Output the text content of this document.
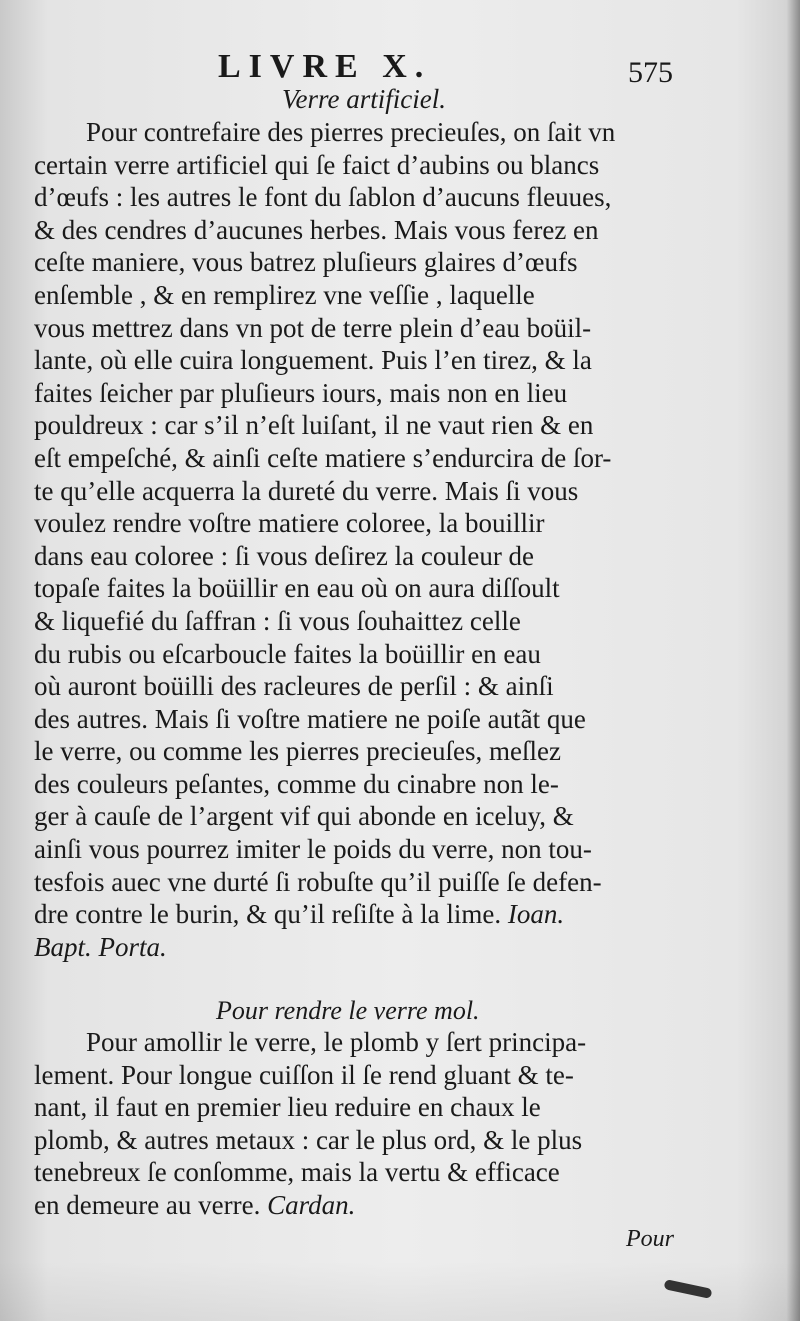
LIVRE X.	575
Verre artificiel.

Pour contrefaire des pierres precieuſes, on ſait vn
certain verre artificiel qui ſe faict d’aubins ou blancs
d’œufs : les autres le font du ſablon d’aucuns fleuues,
& des cendres d’aucunes herbes. Mais vous ferez en
ceſte maniere, vous batrez pluſieurs glaires d’œufs
enſemble , & en remplirez vne veſſie , laquelle
vous mettrez dans vn pot de terre plein d’eau boüil-
lante, où elle cuira longuement. Puis l’en tirez, & la
faites ſeicher par pluſieurs iours, mais non en lieu
pouldreux : car s’il n’eſt luiſant, il ne vaut rien & en
eſt empeſché, & ainſi ceſte matiere s’endurcira de ſor-
te qu’elle acquerra la dureté du verre. Mais ſi vous
voulez rendre voſtre matiere coloree, la bouillir
dans eau coloree : ſi vous deſirez la couleur de
topaſe faites la boüillir en eau où on aura diſſoult
& liquefié du ſaffran : ſi vous ſouhaittez celle
du rubis ou eſcarboucle faites la boüillir en eau
où auront boüilli des racleures de perſil : & ainſi
des autres. Mais ſi voſtre matiere ne poiſe autãt que
le verre, ou comme les pierres precieuſes, meſlez
des couleurs peſantes, comme du cinabre non le-
ger à cauſe de l’argent vif qui abonde en iceluy, &
ainſi vous pourrez imiter le poids du verre, non tou-
tesfois auec vne durté ſi robuſte qu’il puiſſe ſe defen-
dre contre le burin, & qu’il reſiſte à la lime. Ioan.
Bapt. Porta.

Pour rendre le verre mol.

Pour amollir le verre, le plomb y ſert principa-
lement. Pour longue cuiſſon il ſe rend gluant & te-
nant, il faut en premier lieu reduire en chaux le
plomb, & autres metaux : car le plus ord, & le plus
tenebreux ſe conſomme, mais la vertu & efficace
en demeure au verre. Cardan.

Pour
